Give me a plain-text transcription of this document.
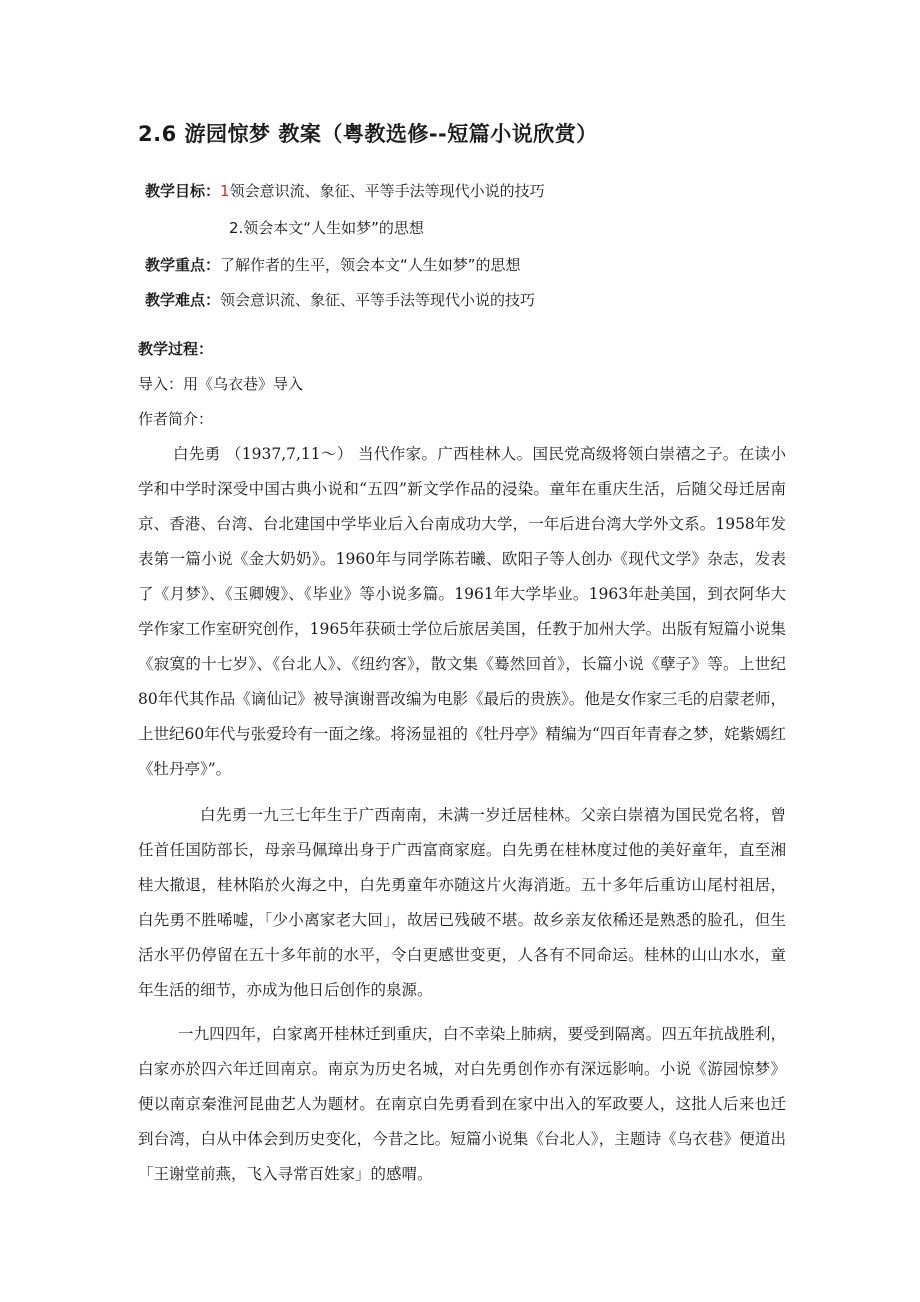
2.6 游园惊梦 教案（粤教选修--短篇小说欣赏）
教学目标：1领会意识流、象征、平等手法等现代小说的技巧
2.领会本文“人生如梦”的思想
教学重点：了解作者的生平，领会本文“人生如梦”的思想
教学难点：领会意识流、象征、平等手法等现代小说的技巧
教学过程：
导入：用《乌衣巷》导入
作者简介：
白先勇 （1937,7,11～） 当代作家。广西桂林人。国民党高级将领白崇禧之子。在读小学和中学时深受中国古典小说和“五四”新文学作品的浸染。童年在重庆生活，后随父母迁居南京、香港、台湾、台北建国中学毕业后入台南成功大学，一年后进台湾大学外文系。1958年发表第一篇小说《金大奶奶》。1960年与同学陈若曦、欧阳子等人创办《现代文学》杂志，发表了《月梦》、《玉卿嫂》、《毕业》等小说多篇。1961年大学毕业。1963年赴美国，到衣阿华大学作家工作室研究创作，1965年获硕士学位后旅居美国，任教于加州大学。出版有短篇小说集《寂寞的十七岁》、《台北人》、《纽约客》，散文集《蓦然回首》，长篇小说《孽子》等。上世纪80年代其作品《谪仙记》被导演谢晋改编为电影《最后的贵族》。他是女作家三毛的启蒙老师，上世纪60年代与张爱玲有一面之缘。将汤显祖的《牡丹亭》精编为“四百年青春之梦，姹紫嫣红《牡丹亭》”。
白先勇一九三七年生于广西南南，未满一岁迁居桂林。父亲白崇禧为国民党名将，曾任首任国防部长，母亲马佩璋出身于广西富商家庭。白先勇在桂林度过他的美好童年，直至湘桂大撤退，桂林陷於火海之中，白先勇童年亦随这片火海消逝。五十多年后重访山尾村祖居，白先勇不胜唏嘘，「少小离家老大回」，故居已残破不堪。故乡亲友依稀还是熟悉的脸孔，但生活水平仍停留在五十多年前的水平，令白更感世变更，人各有不同命运。桂林的山山水水，童年生活的细节，亦成为他日后创作的泉源。
一九四四年，白家离开桂林迁到重庆，白不幸染上肺病，要受到隔离。四五年抗战胜利，白家亦於四六年迁回南京。南京为历史名城，对白先勇创作亦有深远影响。小说《游园惊梦》便以南京秦淮河昆曲艺人为题材。在南京白先勇看到在家中出入的军政要人，这批人后来也迁到台湾，白从中体会到历史变化，今昔之比。短篇小说集《台北人》，主题诗《乌衣巷》便道出「王谢堂前燕，飞入寻常百姓家」的感喟。
